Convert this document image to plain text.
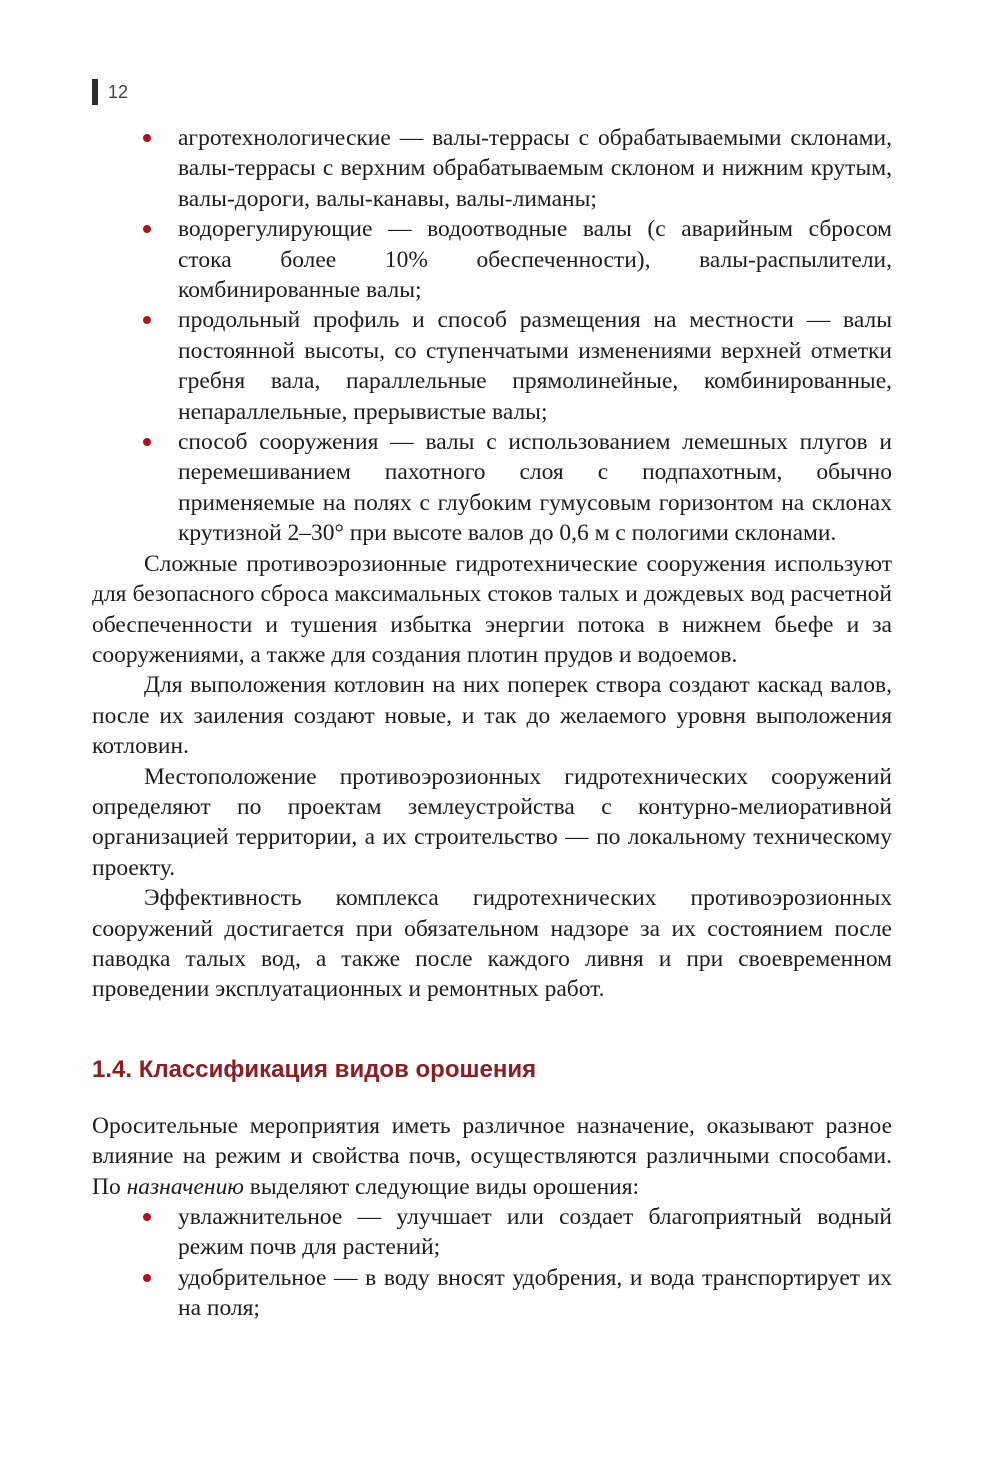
12
агротехнологические — валы-террасы с обрабатываемыми склонами, валы-террасы с верхним обрабатываемым склоном и нижним крутым, валы-дороги, валы-канавы, валы-лиманы;
водорегулирующие — водоотводные валы (с аварийным сбросом стока более 10% обеспеченности), валы-распылители, комбинированные валы;
продольный профиль и способ размещения на местности — валы постоянной высоты, со ступенчатыми изменениями верхней отметки гребня вала, параллельные прямолинейные, комбинированные, непараллельные, прерывистые валы;
способ сооружения — валы с использованием лемешных плугов и перемешиванием пахотного слоя с подпахотным, обычно применяемые на полях с глубоким гумусовым горизонтом на склонах крутизной 2–30° при высоте валов до 0,6 м с пологими склонами.

Сложные противоэрозионные гидротехнические сооружения используют для безопасного сброса максимальных стоков талых и дождевых вод расчетной обеспеченности и тушения избытка энергии потока в нижнем бьефе и за сооружениями, а также для создания плотин прудов и водоемов.

Для выположения котловин на них поперек створа создают каскад валов, после их заиления создают новые, и так до желаемого уровня выположения котловин.

Местоположение противоэрозионных гидротехнических сооружений определяют по проектам землеустройства с контурно-мелиоративной организацией территории, а их строительство — по локальному техническому проекту.

Эффективность комплекса гидротехнических противоэрозионных сооружений достигается при обязательном надзоре за их состоянием после паводка талых вод, а также после каждого ливня и при своевременном проведении эксплуатационных и ремонтных работ.

1.4. Классификация видов орошения

Оросительные мероприятия иметь различное назначение, оказывают разное влияние на режим и свойства почв, осуществляются различными способами. По назначению выделяют следующие виды орошения:

увлажнительное — улучшает или создает благоприятный водный режим почв для растений;
удобрительное — в воду вносят удобрения, и вода транспортирует их на поля;
